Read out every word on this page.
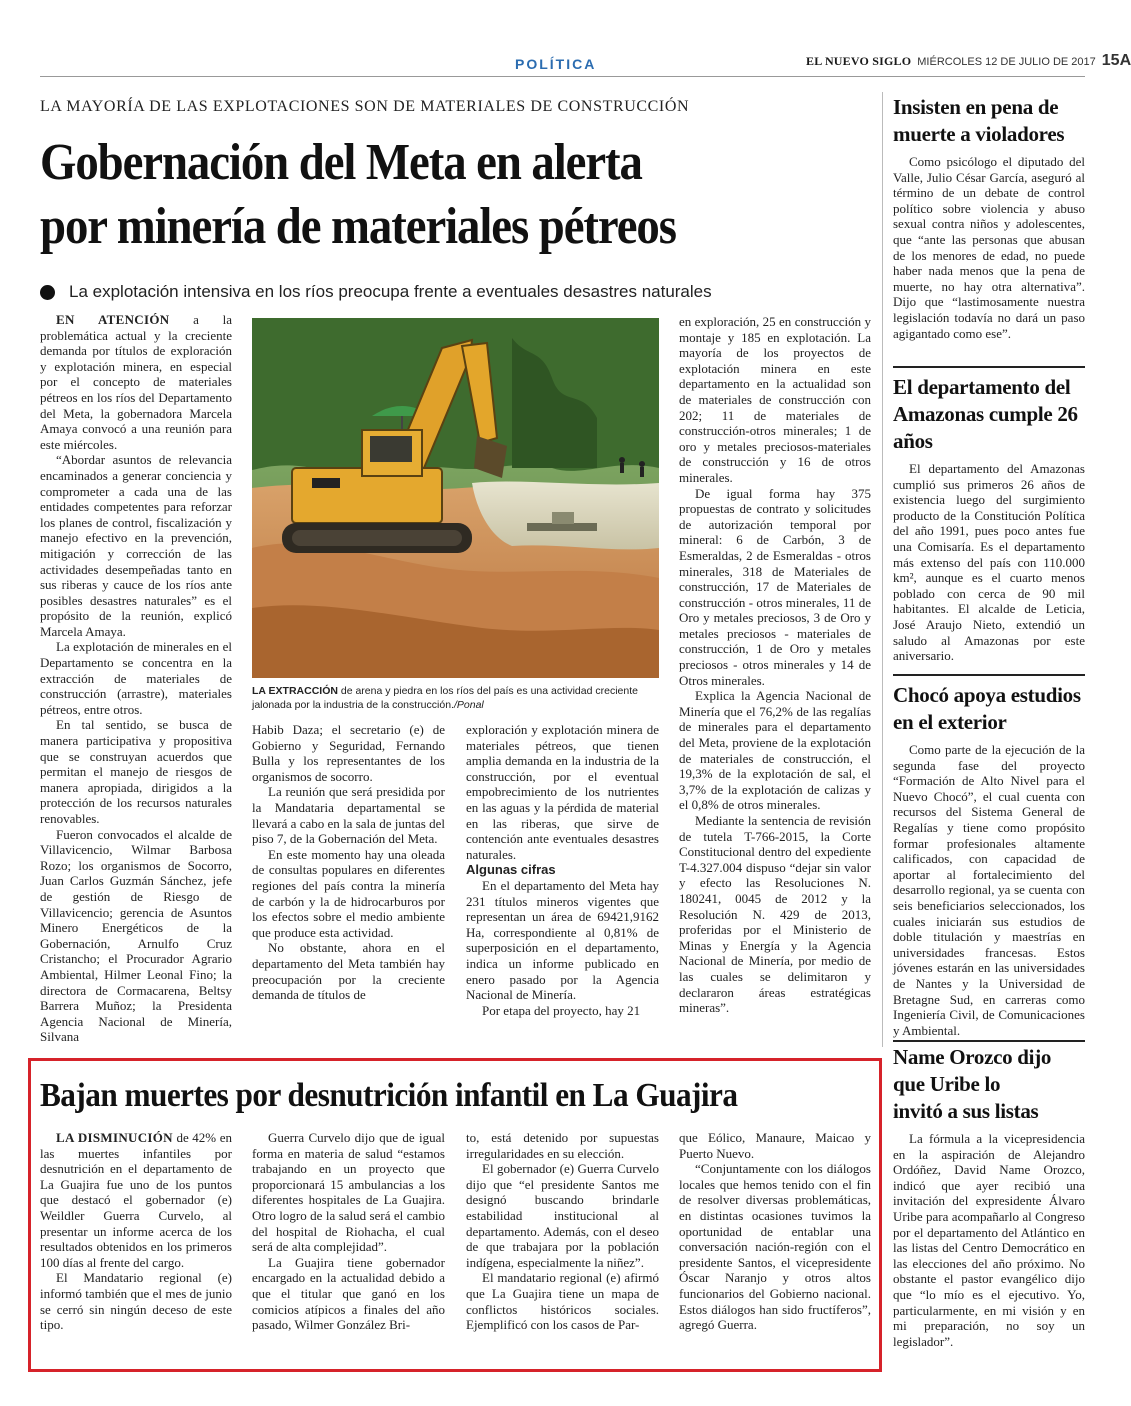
POLÍTICA	EL NUEVO SIGLO MIÉRCOLES 12 DE JULIO DE 2017 15A
LA MAYORÍA DE LAS EXPLOTACIONES SON DE MATERIALES DE CONSTRUCCIÓN
Gobernación del Meta en alerta
por minería de materiales pétreos
La explotación intensiva en los ríos preocupa frente a eventuales desastres naturales

EN ATENCIÓN a la problemática actual y la creciente demanda por títulos de exploración y explotación minera, en especial por el concepto de materiales pétreos en los ríos del Departamento del Meta, la gobernadora Marcela Amaya convocó a una reunión para este miércoles.

“Abordar asuntos de relevancia encaminados a generar conciencia y comprometer a cada una de las entidades competentes para reforzar los planes de control, fiscalización y manejo efectivo en la prevención, mitigación y corrección de las actividades desempeñadas tanto en sus riberas y cauce de los ríos ante posibles desastres naturales” es el propósito de la reunión, explicó Marcela Amaya.

La explotación de minerales en el Departamento se concentra en la extracción de materiales de construcción (arrastre), materiales pétreos, entre otros.

En tal sentido, se busca de manera participativa y propositiva que se construyan acuerdos que permitan el manejo de riesgos de manera apropiada, dirigidos a la protección de los recursos naturales renovables.

Fueron convocados el alcalde de Villavicencio, Wilmar Barbosa Rozo; los organismos de Socorro, Juan Carlos Guzmán Sánchez, jefe de gestión de Riesgo de Villavicencio; gerencia de Asuntos Minero Energéticos de la Gobernación, Arnulfo Cruz Cristancho; el Procurador Agrario Ambiental, Hilmer Leonal Fino; la directora de Cormacarena, Beltsy Barrera Muñoz; la Presidenta Agencia Nacional de Minería, Silvana

LA EXTRACCIÓN de arena y piedra en los ríos del país es una actividad creciente jalonada por la industria de la construcción./Ponal

Habib Daza; el secretario (e) de Gobierno y Seguridad, Fernando Bulla y los representantes de los organismos de socorro.

La reunión que será presidida por la Mandataria departamental se llevará a cabo en la sala de juntas del piso 7, de la Gobernación del Meta.

En este momento hay una oleada de consultas populares en diferentes regiones del país contra la minería de carbón y la de hidrocarburos por los efectos sobre el medio ambiente que produce esta actividad.

No obstante, ahora en el departamento del Meta también hay preocupación por la creciente demanda de títulos de

exploración y explotación minera de materiales pétreos, que tienen amplia demanda en la industria de la construcción, por el eventual empobrecimiento de los nutrientes en las aguas y la pérdida de material en las riberas, que sirve de contención ante eventuales desastres naturales.

Algunas cifras

En el departamento del Meta hay 231 títulos mineros vigentes que representan un área de 69421,9162 Ha, correspondiente al 0,81% de superposición en el departamento, indica un informe publicado en enero pasado por la Agencia Nacional de Minería.

Por etapa del proyecto, hay 21

en exploración, 25 en construcción y montaje y 185 en explotación. La mayoría de los proyectos de explotación minera en este departamento en la actualidad son de materiales de construcción con 202; 11 de materiales de construcción-otros minerales; 1 de oro y metales preciosos-materiales de construcción y 16 de otros minerales.

De igual forma hay 375 propuestas de contrato y solicitudes de autorización temporal por mineral: 6 de Carbón, 3 de Esmeraldas, 2 de Esmeraldas - otros minerales, 318 de Materiales de construcción, 17 de Materiales de construcción - otros minerales, 11 de Oro y metales preciosos, 3 de Oro y metales preciosos - materiales de construcción, 1 de Oro y metales preciosos - otros minerales y 14 de Otros minerales.

Explica la Agencia Nacional de Minería que el 76,2% de las regalías de minerales para el departamento del Meta, proviene de la explotación de materiales de construcción, el 19,3% de la explotación de sal, el 3,7% de la explotación de calizas y el 0,8% de otros minerales.

Mediante la sentencia de revisión de tutela T-766-2015, la Corte Constitucional dentro del expediente T-4.327.004 dispuso “dejar sin valor y efecto las Resoluciones N. 180241, 0045 de 2012 y la Resolución N. 429 de 2013, proferidas por el Ministerio de Minas y Energía y la Agencia Nacional de Minería, por medio de las cuales se delimitaron y declararon áreas estratégicas mineras”.

Insisten en pena de muerte a violadores

Como psicólogo el diputado del Valle, Julio César García, aseguró al término de un debate de control político sobre violencia y abuso sexual contra niños y adolescentes, que “ante las personas que abusan de los menores de edad, no puede haber nada menos que la pena de muerte, no hay otra alternativa”. Dijo que “lastimosamente nuestra legislación todavía no dará un paso agigantado como ese”.

El departamento del Amazonas cumple 26 años

El departamento del Amazonas cumplió sus primeros 26 años de existencia luego del surgimiento producto de la Constitución Política del año 1991, pues poco antes fue una Comisaría. Es el departamento más extenso del país con 110.000 km², aunque es el cuarto menos poblado con cerca de 90 mil habitantes. El alcalde de Leticia, José Araujo Nieto, extendió un saludo al Amazonas por este aniversario.

Chocó apoya estudios en el exterior

Como parte de la ejecución de la segunda fase del proyecto “Formación de Alto Nivel para el Nuevo Chocó”, el cual cuenta con recursos del Sistema General de Regalías y tiene como propósito formar profesionales altamente calificados, con capacidad de aportar al fortalecimiento del desarrollo regional, ya se cuenta con seis beneficiarios seleccionados, los cuales iniciarán sus estudios de doble titulación y maestrías en universidades francesas. Estos jóvenes estarán en las universidades de Nantes y la Universidad de Bretagne Sud, en carreras como Ingeniería Civil, de Comunicaciones y Ambiental.

Name Orozco dijo que Uribe lo invitó a sus listas

La fórmula a la vicepresidencia en la aspiración de Alejandro Ordóñez, David Name Orozco, indicó que ayer recibió una invitación del expresidente Álvaro Uribe para acompañarlo al Congreso por el departamento del Atlántico en las listas del Centro Democrático en las elecciones del año próximo. No obstante el pastor evangélico dijo que “lo mío es el ejecutivo. Yo, particularmente, en mi visión y en mi preparación, no soy un legislador”.

Bajan muertes por desnutrición infantil en La Guajira

LA DISMINUCIÓN de 42% en las muertes infantiles por desnutrición en el departamento de La Guajira fue uno de los puntos que destacó el gobernador (e) Weildler Guerra Curvelo, al presentar un informe acerca de los resultados obtenidos en los primeros 100 días al frente del cargo.

El Mandatario regional (e) informó también que el mes de junio se cerró sin ningún deceso de este tipo.

Guerra Curvelo dijo que de igual forma en materia de salud “estamos trabajando en un proyecto que proporcionará 15 ambulancias a los diferentes hospitales de La Guajira. Otro logro de la salud será el cambio del hospital de Riohacha, el cual será de alta complejidad”.

La Guajira tiene gobernador encargado en la actualidad debido a que el titular que ganó en los comicios atípicos a finales del año pasado, Wilmer González Bri-

to, está detenido por supuestas irregularidades en su elección.

El gobernador (e) Guerra Curvelo dijo que “el presidente Santos me designó buscando brindarle estabilidad institucional al departamento. Además, con el deseo de que trabajara por la población indígena, especialmente la niñez”.

El mandatario regional (e) afirmó que La Guajira tiene un mapa de conflictos históricos sociales. Ejemplificó con los casos de Par-

que Eólico, Manaure, Maicao y Puerto Nuevo.

“Conjuntamente con los diálogos locales que hemos tenido con el fin de resolver diversas problemáticas, en distintas ocasiones tuvimos la oportunidad de entablar una conversación nación-región con el presidente Santos, el vicepresidente Óscar Naranjo y otros altos funcionarios del Gobierno nacional. Estos diálogos han sido fructíferos”, agregó Guerra.
